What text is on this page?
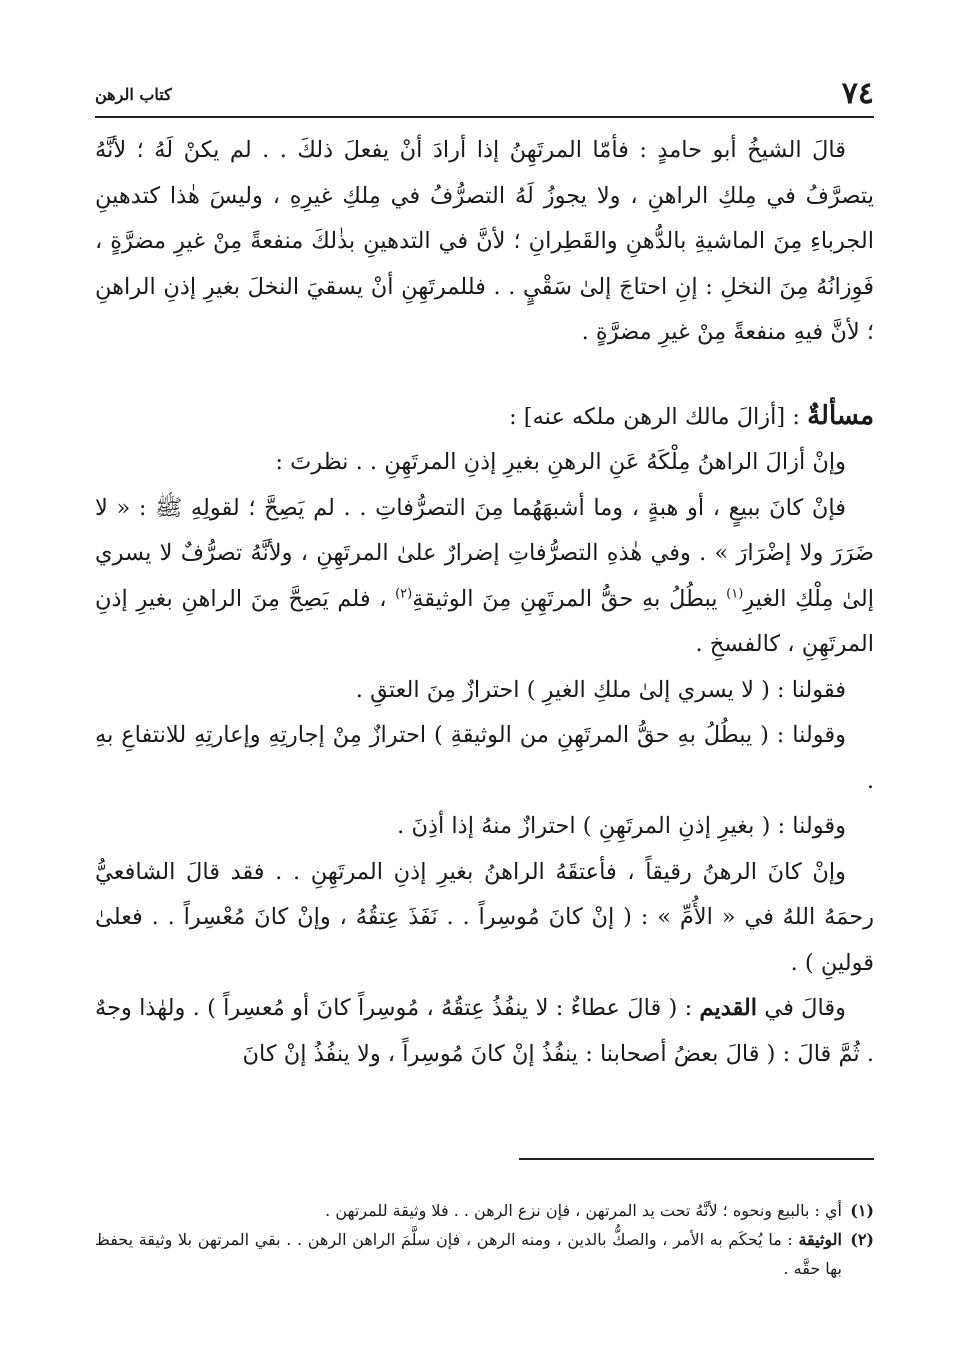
٧٤
كتاب الرهن

قالَ الشيخُ أبو حامدٍ : فأمّا المرتَهِنُ إذا أرادَ أنْ يفعلَ ذلكَ . . لم يكنْ لَهُ ؛ لأنَّهُ يتصرَّفُ في مِلكِ الراهنِ ، ولا يجوزُ لَهُ التصرُّفُ في مِلكِ غيرِهِ ، وليسَ هٰذا كتدهينِ الجرباءِ مِنَ الماشيةِ بالدُّهنِ والقَطِرانِ ؛ لأنَّ في التدهينِ بذٰلكَ منفعةً مِنْ غيرِ مضرَّةٍ ، فَوِزانُهُ مِنَ النخلِ : إنِ احتاجَ إلىٰ سَقْيٍ . . فللمرتَهِنِ أنْ يسقيَ النخلَ بغيرِ إذنِ الراهنِ ؛ لأنَّ فيهِ منفعةً مِنْ غيرِ مضرَّةٍ .

مسألةٌ : [أزالَ مالك الرهن ملكه عنه] :

وإنْ أزالَ الراهنُ مِلْكَهُ عَنِ الرهنِ بغيرِ إذنِ المرتَهِنِ . . نظرتَ :

فإنْ كانَ ببيعٍ ، أو هبةٍ ، وما أشبهَهُما مِنَ التصرُّفاتِ . . لم يَصِحَّ ؛ لقولِهِ ﷺ : « لا ضَرَرَ ولا إضْرَارَ » . وفي هٰذهِ التصرُّفاتِ إضرارٌ علىٰ المرتَهِنِ ، ولأنَّهُ تصرُّفٌ لا يسري إلىٰ مِلْكِ الغيرِ$^{(١)}$ يبطُلُ بهِ حقُّ المرتَهِنِ مِنَ الوثيقةِ$^{(٢)}$ ، فلم يَصِحَّ مِنَ الراهنِ بغيرِ إذنِ المرتَهِنِ ، كالفسخِ .

فقولنا : ( لا يسري إلىٰ ملكِ الغيرِ ) احترازٌ مِنَ العتقِ .

وقولنا : ( يبطُلُ بهِ حقُّ المرتَهِنِ من الوثيقةِ ) احترازٌ مِنْ إجارتِهِ وإعارتِهِ للانتفاعِ بهِ .

وقولنا : ( بغيرِ إذنِ المرتَهِنِ ) احترازٌ منهُ إذا أذِنَ .

وإنْ كانَ الرهنُ رقيقاً ، فأعتقَهُ الراهنُ بغيرِ إذنِ المرتَهِنِ . . فقد قالَ الشافعيُّ رحمَهُ اللهُ في « الأُمِّ » : ( إنْ كانَ مُوسِراً . . نَفَذَ عِتقُهُ ، وإنْ كانَ مُعْسِراً . . فعلىٰ قولينِ ) .

وقالَ في القديم : ( قالَ عطاءٌ : لا ينفُذُ عِتقُهُ ، مُوسِراً كانَ أو مُعسِراً ) . ولهٰذا وجهٌ . ثُمَّ قالَ : ( قالَ بعضُ أصحابنا : ينفُذُ إنْ كانَ مُوسِراً ، ولا ينفُذُ إنْ كانَ

(١)
أي : بالبيع ونحوه ؛ لأنَّهُ تحت يد المرتهن ، فإن نزع الرهن . . فلا وثيقة للمرتهن .
(٢)
الوثيقة : ما يُحكَم به الأمر ، والصكُّ بالدين ، ومنه الرهن ، فإن سلَّمَ الراهن الرهن . . بقي المرتهن بلا وثيقة يحفظ بها حقَّه .
